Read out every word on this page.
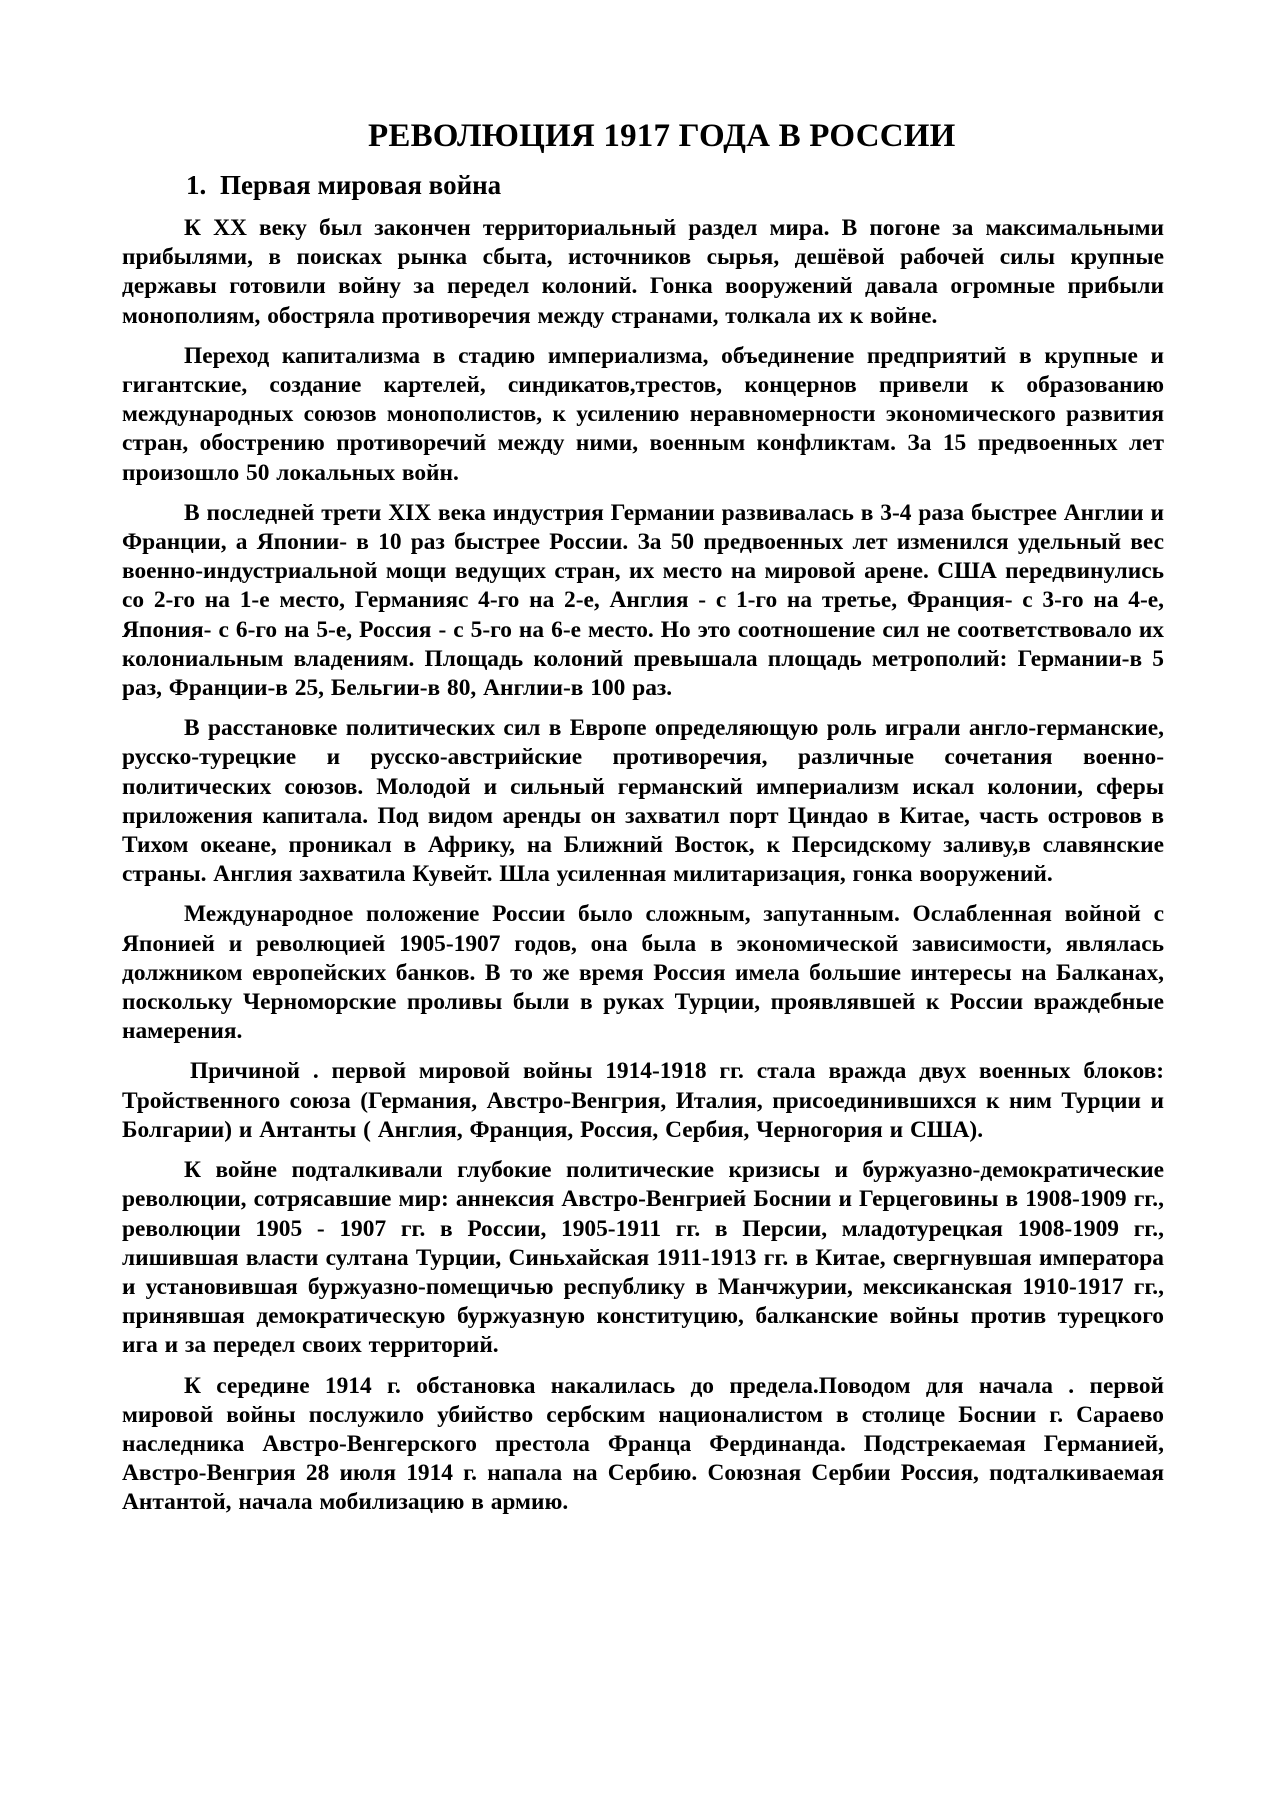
РЕВОЛЮЦИЯ 1917 ГОДА В РОССИИ
1. Первая мировая война

К XX веку был закончен территориальный раздел мира. В погоне за максимальными прибылями, в поисках рынка сбыта, источников сырья, дешёвой рабочей силы крупные державы готовили войну за передел колоний. Гонка вооружений давала огромные прибыли монополиям, обостряла противоречия между странами, толкала их к войне.

Переход капитализма в стадию империализма, объединение предприятий в крупные и гигантские, создание картелей, синдикатов,трестов, концернов привели к образованию международных союзов монополистов, к усилению неравномерности экономического развития стран, обострению противоречий между ними, военным конфликтам. За 15 предвоенных лет произошло 50 локальных войн.

В последней трети XIX века индустрия Германии развивалась в 3-4 раза быстрее Англии и Франции, а Японии- в 10 раз быстрее России. За 50 предвоенных лет изменился удельный вес военно-индустриальной мощи ведущих стран, их место на мировой арене. США передвинулись со 2-го на 1-е место, Германияс 4-го на 2-е, Англия - с 1-го на третье, Франция- с 3-го на 4-е, Япония- с 6-го на 5-е, Россия - с 5-го на 6-е место. Но это соотношение сил не соответствовало их колониальным владениям. Площадь колоний превышала площадь метрополий: Германии-в 5 раз, Франции-в 25, Бельгии-в 80, Англии-в 100 раз.

В расстановке политических сил в Европе определяющую роль играли англо-германские, русско-турецкие и русско-австрийские противоречия, различные сочетания военно-политических союзов. Молодой и сильный германский империализм искал колонии, сферы приложения капитала. Под видом аренды он захватил порт Циндао в Китае, часть островов в Тихом океане, проникал в Африку, на Ближний Восток, к Персидскому заливу,в славянские страны. Англия захватила Кувейт. Шла усиленная милитаризация, гонка вооружений.

Международное положение России было сложным, запутанным. Ослабленная войной с Японией и революцией 1905-1907 годов, она была в экономической зависимости, являлась должником европейских банков. В то же время Россия имела большие интересы на Балканах, поскольку Черноморские проливы были в руках Турции, проявлявшей к России враждебные намерения.

Причиной . первой мировой войны 1914-1918 гг. стала вражда двух военных блоков: Тройственного союза (Германия, Австро-Венгрия, Италия, присоединившихся к ним Турции и Болгарии) и Антанты ( Англия, Франция, Россия, Сербия, Черногория и США).

К войне подталкивали глубокие политические кризисы и буржуазно-демократические революции, сотрясавшие мир: аннексия Австро-Венгрией Боснии и Герцеговины в 1908-1909 гг., революции 1905 - 1907 гг. в России, 1905-1911 гг. в Персии, младотурецкая 1908-1909 гг., лишившая власти султана Турции, Синьхайская 1911-1913 гг. в Китае, свергнувшая императора и установившая буржуазно-помещичью республику в Манчжурии, мексиканская 1910-1917 гг., принявшая демократическую буржуазную конституцию, балканские войны против турецкого ига и за передел своих территорий.

К середине 1914 г. обстановка накалилась до предела.Поводом для начала . первой мировой войны послужило убийство сербским националистом в столице Боснии г. Сараево наследника Австро-Венгерского престола Франца Фердинанда. Подстрекаемая Германией, Австро-Венгрия 28 июля 1914 г. напала на Сербию. Союзная Сербии Россия, подталкиваемая Антантой, начала мобилизацию в армию.
